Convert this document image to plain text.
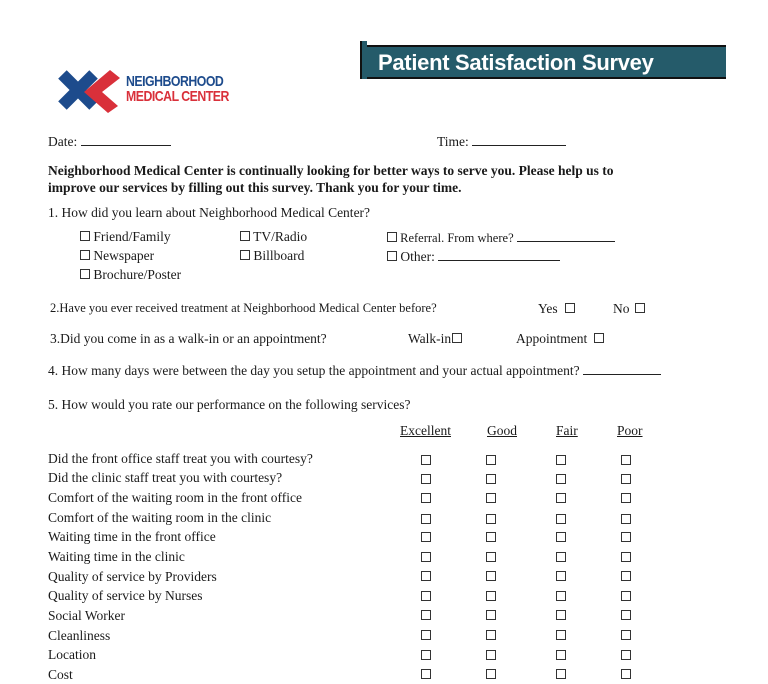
Patient Satisfaction Survey
NEIGHBORHOOD
MEDICAL CENTER
Date:	Time:
Neighborhood Medical Center is continually looking for better ways to serve you. Please help us to
improve our services by filling out this survey. Thank you for your time.
1. How did you learn about Neighborhood Medical Center?
Friend/Family	TV/Radio	Referral. From where?
Newspaper	Billboard	Other:
Brochure/Poster
2.Have you ever received treatment at Neighborhood Medical Center before?	Yes	No
3.Did you come in as a walk-in or an appointment?	Walk-in	Appointment
4. How many days were between the day you setup the appointment and your actual appointment?
5. How would you rate our performance on the following services?
Excellent	Good	Fair	Poor
Did the front office staff treat you with courtesy?
Did the clinic staff treat you with courtesy?
Comfort of the waiting room in the front office
Comfort of the waiting room in the clinic
Waiting time in the front office
Waiting time in the clinic
Quality of service by Providers
Quality of service by Nurses
Social Worker
Cleanliness
Location
Cost
